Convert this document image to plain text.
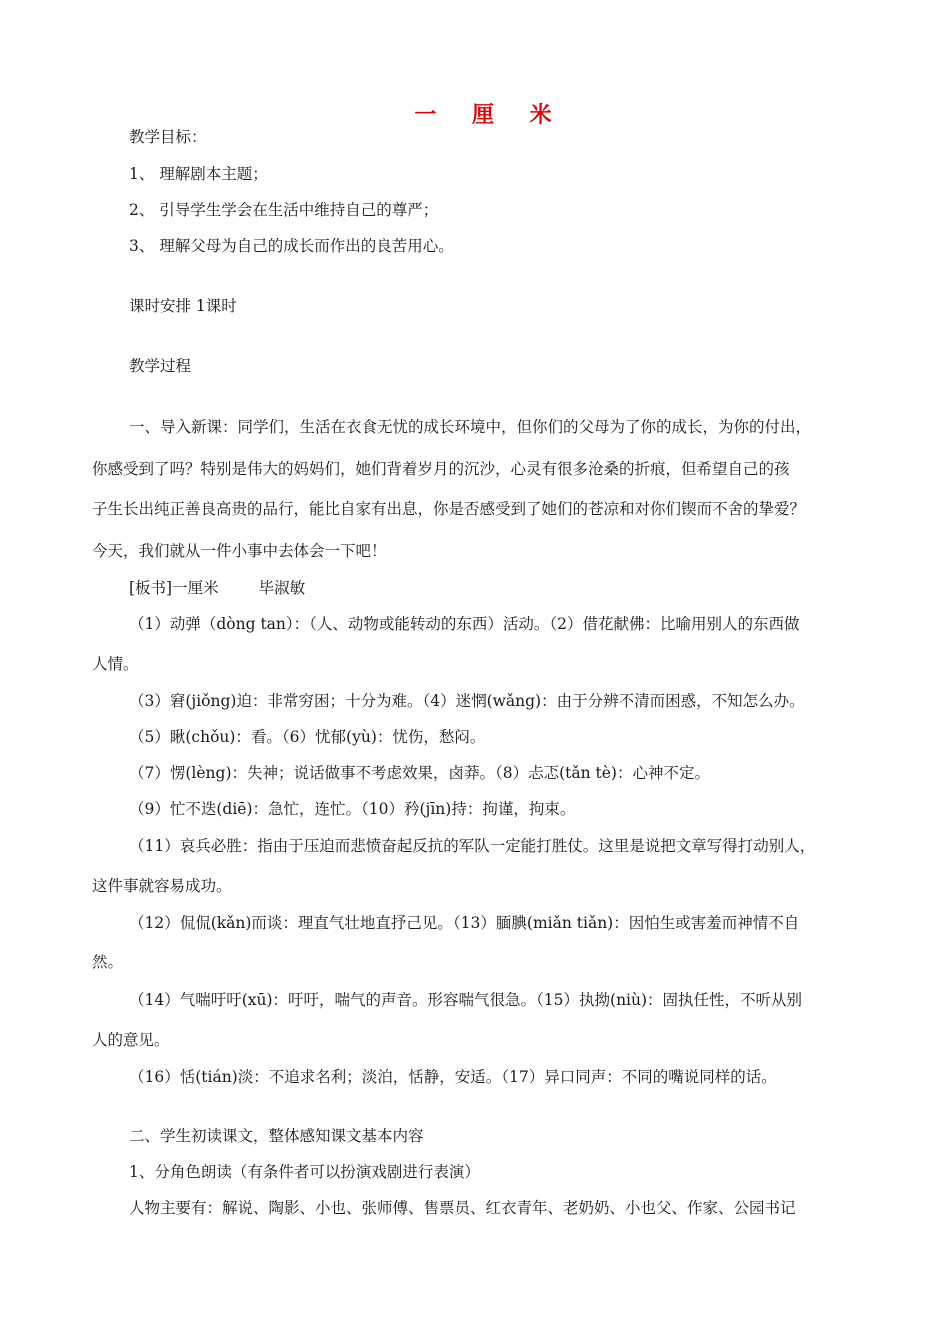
一 厘 米
教学目标：
1、 理解剧本主题；
2、 引导学生学会在生活中维持自己的尊严；
3、 理解父母为自己的成长而作出的良苦用心。
课时安排 1课时
教学过程
一、导入新课：同学们，生活在衣食无忧的成长环境中，但你们的父母为了你的成长，为你的付出，
你感受到了吗？特别是伟大的妈妈们，她们背着岁月的沉沙，心灵有很多沧桑的折痕，但希望自己的孩
子生长出纯正善良高贵的品行，能比自家有出息，你是否感受到了她们的苍凉和对你们锲而不舍的挚爱？
今天，我们就从一件小事中去体会一下吧！
[板书]一厘米	毕淑敏
（1）动弹（dòng tan）：（人、动物或能转动的东西）活动。（2）借花献佛：比喻用别人的东西做
人情。
（3）窘(jiǒng)迫：非常穷困；十分为难。（4）迷惘(wǎng)：由于分辨不清而困惑，不知怎么办。
（5）瞅(chǒu)：看。（6）忧郁(yù)：忧伤，愁闷。
（7）愣(lèng)：失神；说话做事不考虑效果，卤莽。（8）忐忑(tǎn tè)：心神不定。
（9）忙不迭(diē)：急忙，连忙。（10）矜(jīn)持：拘谨，拘束。
（11）哀兵必胜：指由于压迫而悲愤奋起反抗的军队一定能打胜仗。这里是说把文章写得打动别人，
这件事就容易成功。
（12）侃侃(kǎn)而谈：理直气壮地直抒己见。（13）腼腆(miǎn tiǎn)：因怕生或害羞而神情不自
然。
（14）气喘吁吁(xū)：吁吁，喘气的声音。形容喘气很急。（15）执拗(niù)：固执任性，不听从别
人的意见。
（16）恬(tián)淡：不追求名利；淡泊，恬静，安适。（17）异口同声：不同的嘴说同样的话。
二、学生初读课文，整体感知课文基本内容
1、分角色朗读（有条件者可以扮演戏剧进行表演）
人物主要有：解说、陶影、小也、张师傅、售票员、红衣青年、老奶奶、小也父、作家、公园书记
